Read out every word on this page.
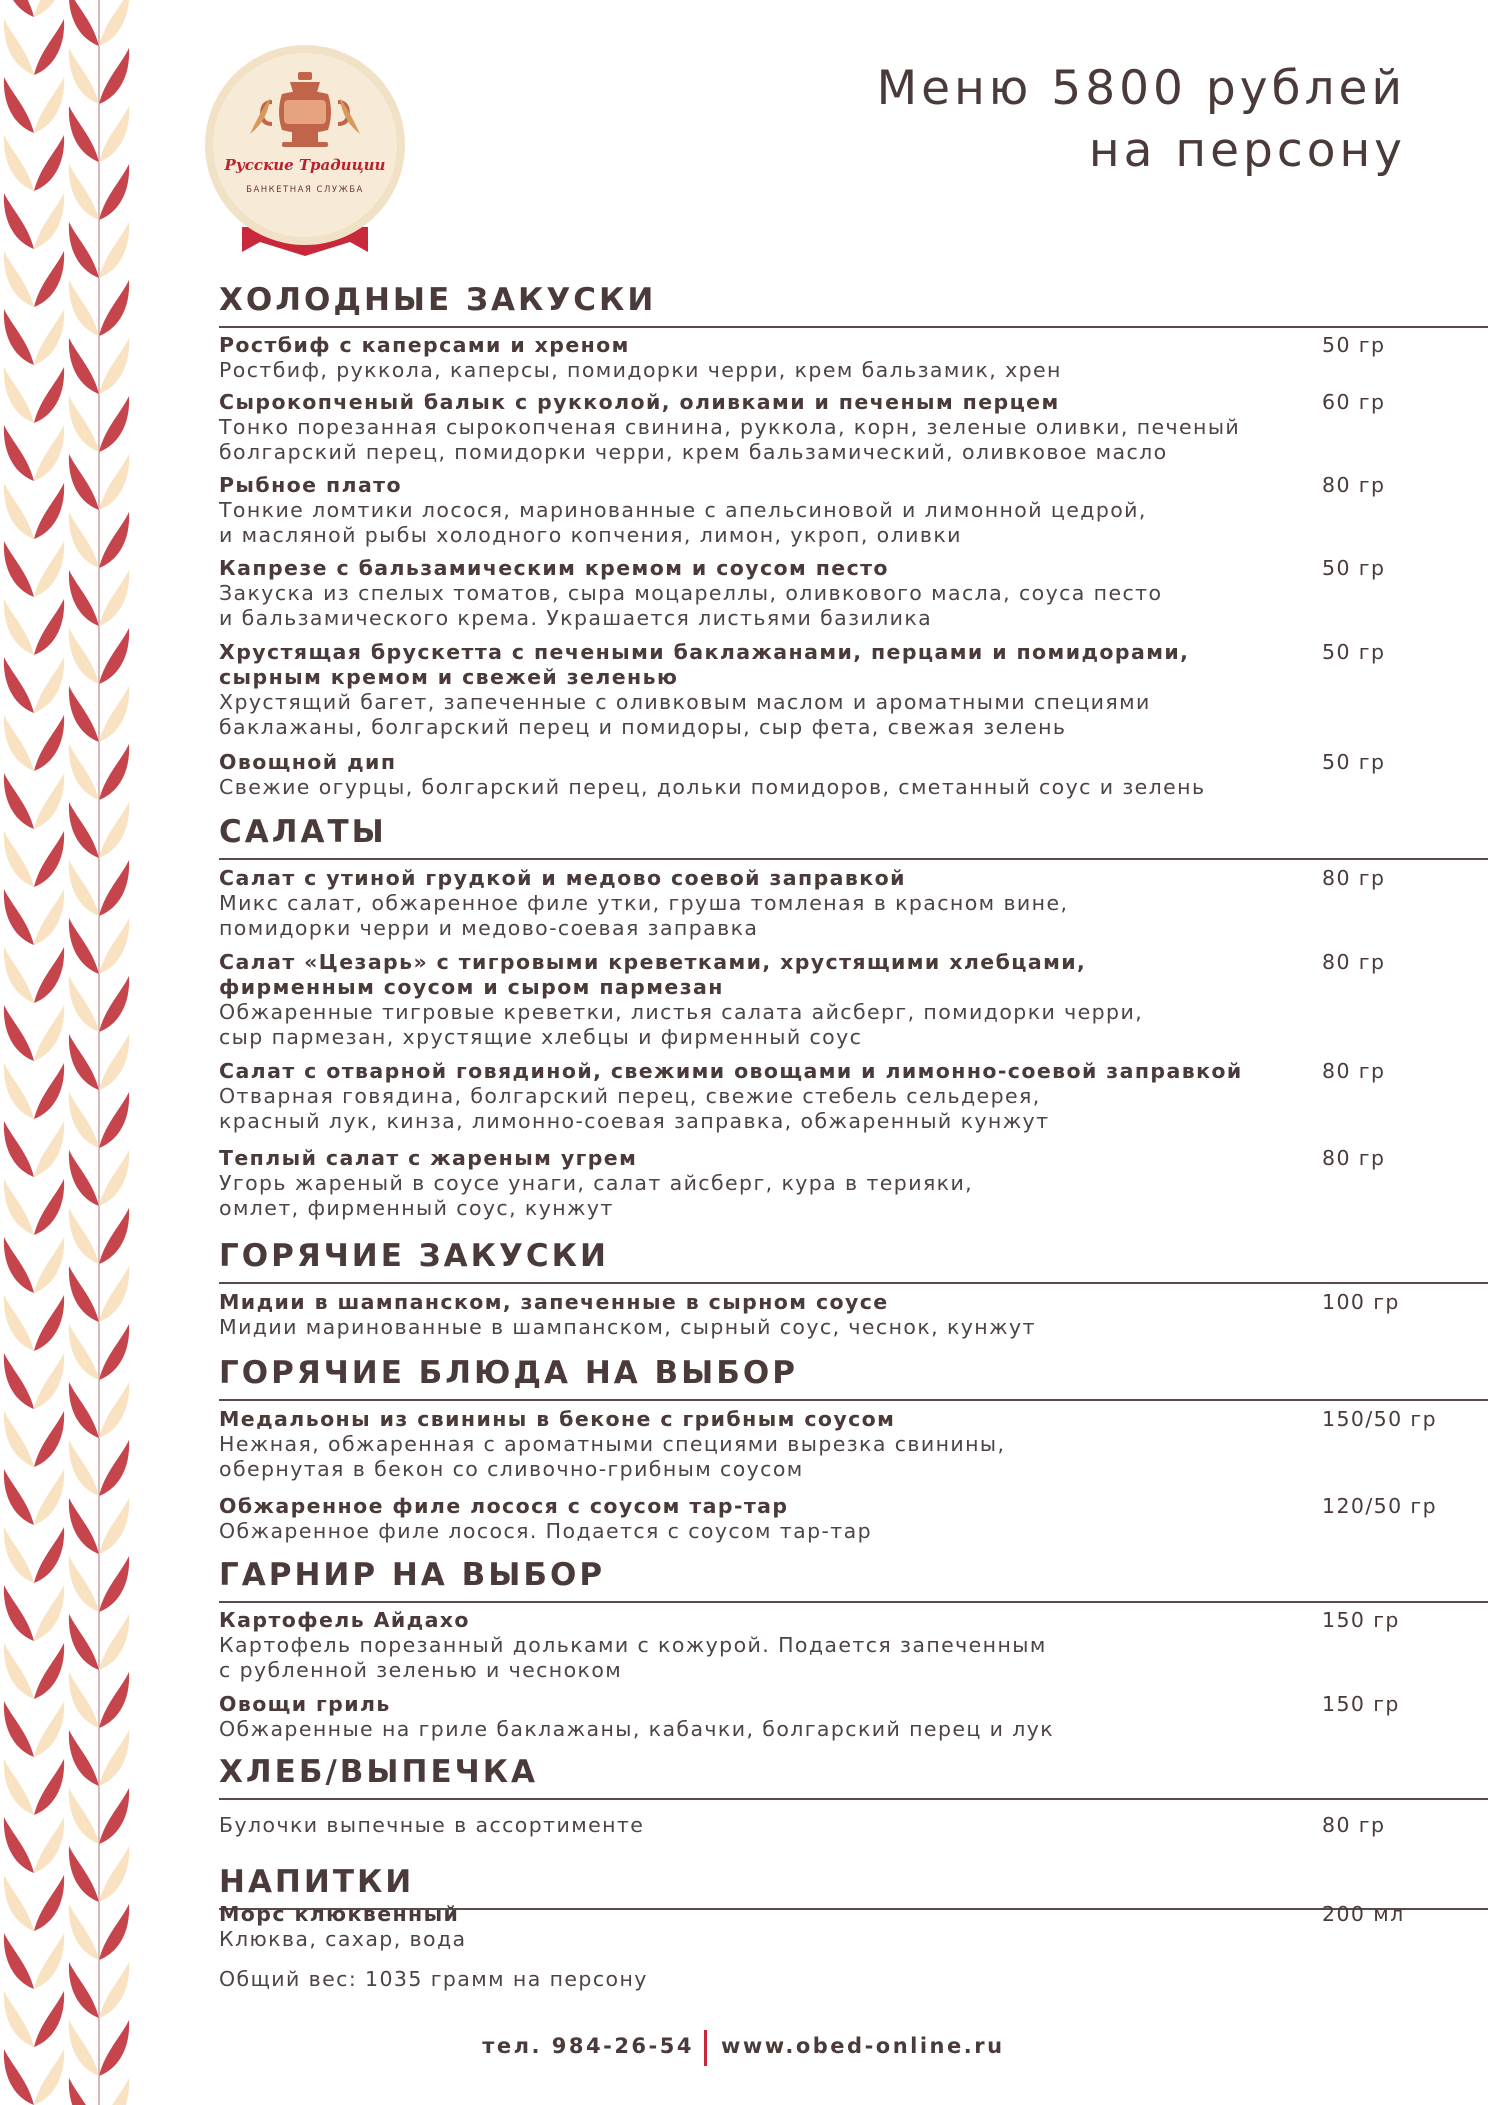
Русские Традиции
БАНКЕТНАЯ СЛУЖБА
Меню 5800 рублей
на персону
ХОЛОДНЫЕ ЗАКУСКИ
Ростбиф с каперсами и хреном
Ростбиф, руккола, каперсы, помидорки черри, крем бальзамик, хрен
50 гр
Сырокопченый балык с рукколой, оливками и печеным перцем
Тонко порезанная сырокопченая свинина, руккола, корн, зеленые оливки, печеный
болгарский перец, помидорки черри, крем бальзамический, оливковое масло
60 гр
Рыбное плато
Тонкие ломтики лосося, маринованные с апельсиновой и лимонной цедрой,
и масляной рыбы холодного копчения, лимон, укроп, оливки
80 гр
Капрезе с бальзамическим кремом и соусом песто
Закуска из спелых томатов, сыра моцареллы, оливкового масла, соуса песто
и бальзамического крема. Украшается листьями базилика
50 гр
Хрустящая брускетта с печеными баклажанами, перцами и помидорами,
сырным кремом и свежей зеленью
Хрустящий багет, запеченные с оливковым маслом и ароматными специями
баклажаны, болгарский перец и помидоры, сыр фета, свежая зелень
50 гр
Овощной дип
Свежие огурцы, болгарский перец, дольки помидоров, сметанный соус и зелень
50 гр
САЛАТЫ
Салат с утиной грудкой и медово соевой заправкой
Микс салат, обжаренное филе утки, груша томленая в красном вине,
помидорки черри и медово-соевая заправка
80 гр
Салат «Цезарь» с тигровыми креветками, хрустящими хлебцами,
фирменным соусом и сыром пармезан
Обжаренные тигровые креветки, листья салата айсберг, помидорки черри,
сыр пармезан, хрустящие хлебцы и фирменный соус
80 гр
Салат с отварной говядиной, свежими овощами и лимонно-соевой заправкой
Отварная говядина, болгарский перец, свежие стебель сельдерея,
красный лук, кинза, лимонно-соевая заправка, обжаренный кунжут
80 гр
Теплый салат с жареным угрем
Угорь жареный в соусе унаги, салат айсберг, кура в терияки,
омлет, фирменный соус, кунжут
80 гр
ГОРЯЧИЕ ЗАКУСКИ
Мидии в шампанском, запеченные в сырном соусе
Мидии маринованные в шампанском, сырный соус, чеснок, кунжут
100 гр
ГОРЯЧИЕ БЛЮДА НА ВЫБОР
Медальоны из свинины в беконе с грибным соусом
Нежная, обжаренная с ароматными специями вырезка свинины,
обернутая в бекон со сливочно-грибным соусом
150/50 гр
Обжаренное филе лосося с соусом тар-тар
Обжаренное филе лосося. Подается с соусом тар-тар
120/50 гр
ГАРНИР НА ВЫБОР
Картофель Айдахо
Картофель порезанный дольками с кожурой. Подается запеченным
с рубленной зеленью и чесноком
150 гр
Овощи гриль
Обжаренные на гриле баклажаны, кабачки, болгарский перец и лук
150 гр
ХЛЕБ/ВЫПЕЧКА
Булочки выпечные в ассортименте	80 гр
НАПИТКИ
Морс клюквенный
Клюква, сахар, вода
200 мл
Общий вес: 1035 грамм на персону
тел. 984-26-54 www.obed-online.ru
